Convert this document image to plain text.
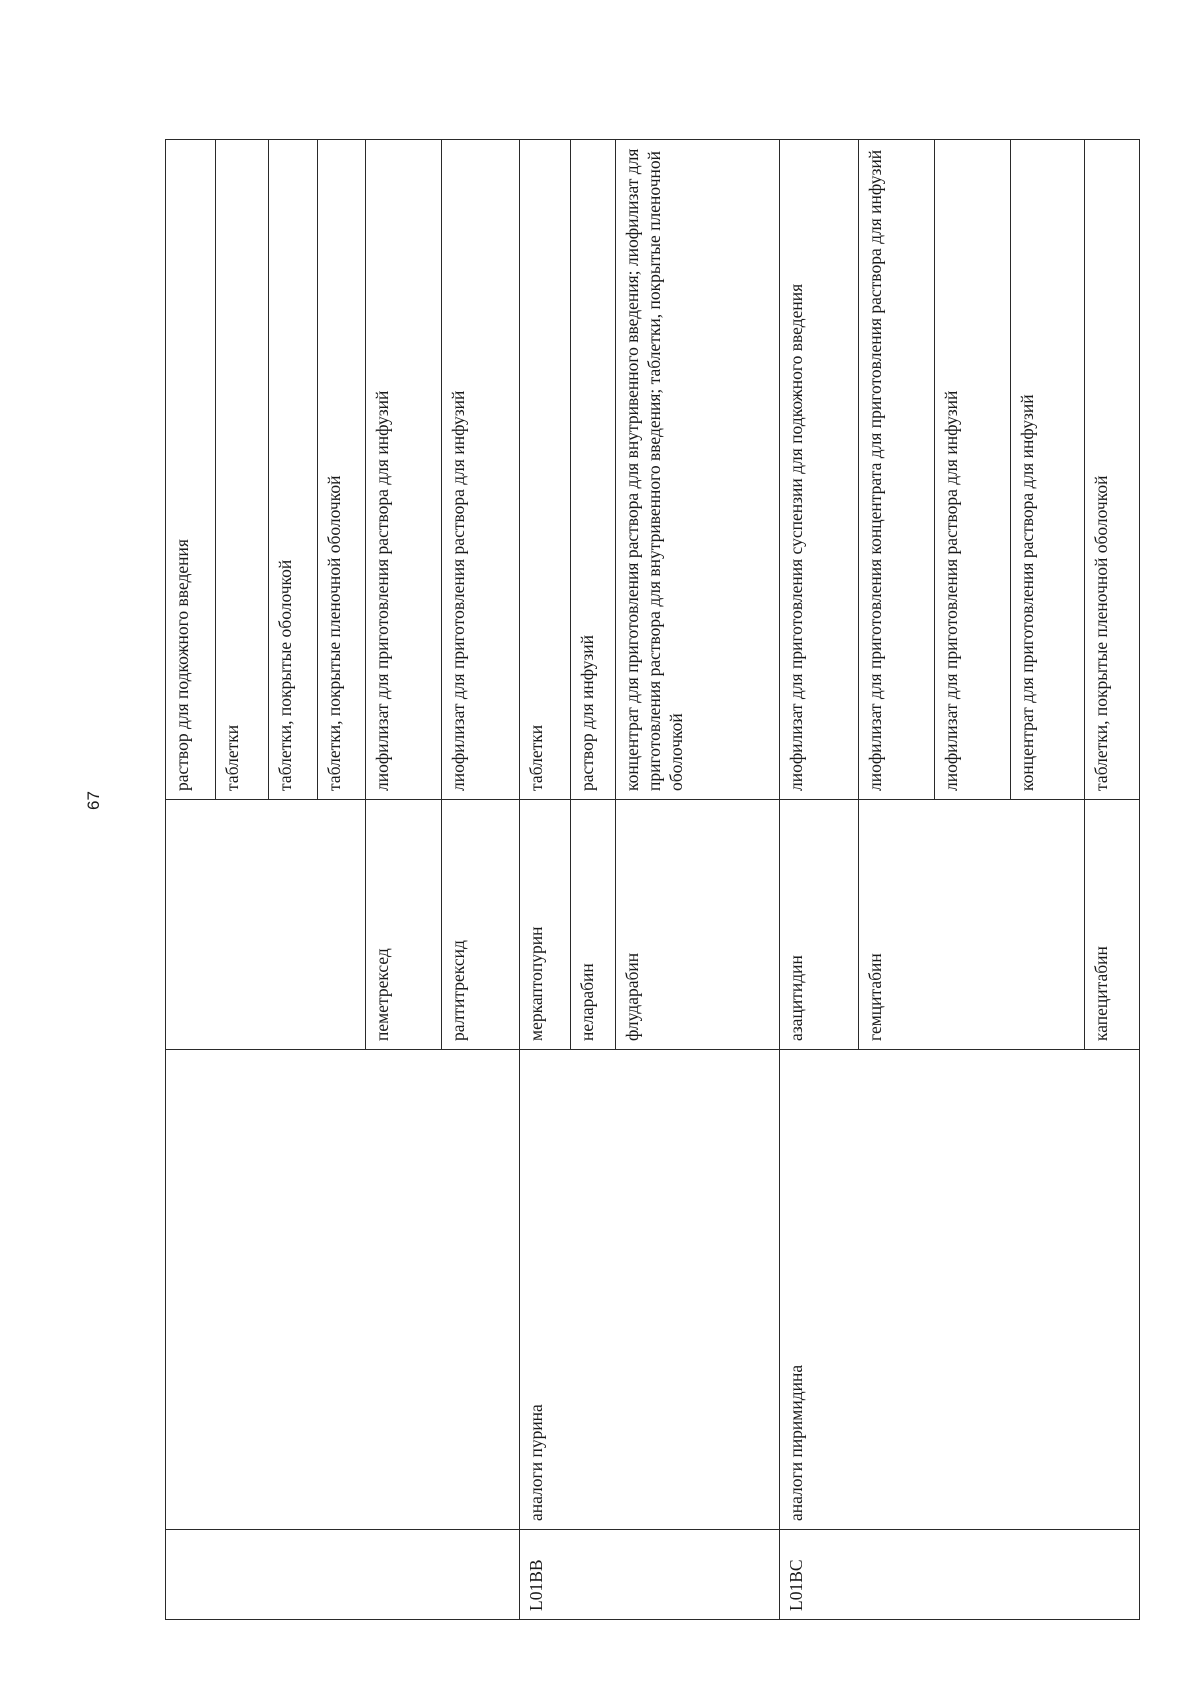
67
			раствор для подкожного введения
			таблетки
			таблетки, покрытые оболочкой
			таблетки, покрытые пленочной оболочкой
		пеметрексед	лиофилизат для приготовления раствора для инфузий
		ралтитрексид	лиофилизат для приготовления раствора для инфузий
L01BB	аналоги пурина	меркаптопурин	таблетки
		неларабин	раствор для инфузий
		флударабин	концентрат для приготовления раствора для внутривенного введения; лиофилизат для приготовления раствора для внутривенного введения; таблетки, покрытые пленочной оболочкой
L01BC	аналоги пиримидина	азацитидин	лиофилизат для приготовления суспензии для подкожного введения
		гемцитабин	лиофилизат для приготовления концентрата для приготовления раствора для инфузий
			лиофилизат для приготовления раствора для инфузий
			концентрат для приготовления раствора для инфузий
		капецитабин	таблетки, покрытые пленочной оболочкой
